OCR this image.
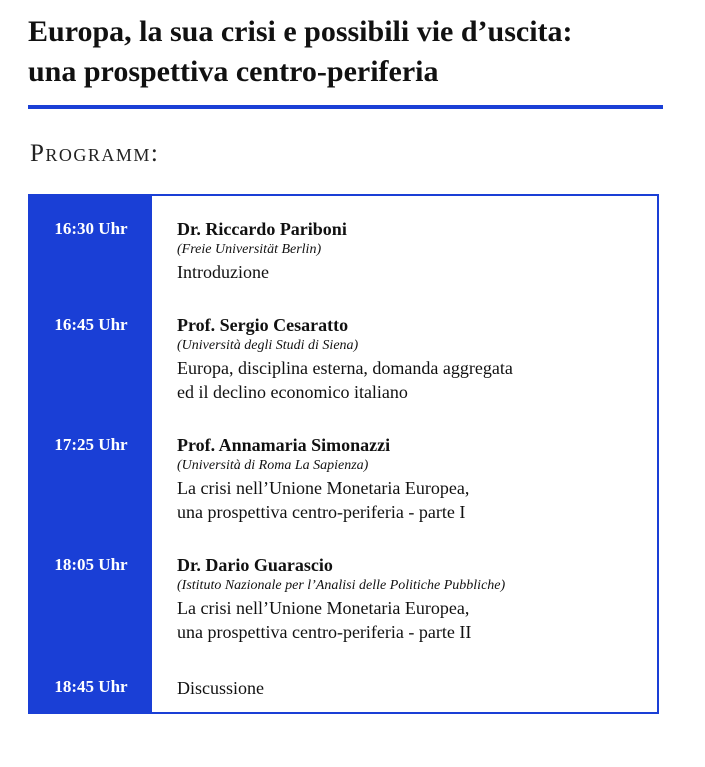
Europa, la sua crisi e possibili vie d’uscita:
una prospettiva centro-periferia
Programm:
16:30 Uhr	Dr. Riccardo Pariboni
(Freie Universität Berlin)
Introduzione
16:45 Uhr	Prof. Sergio Cesaratto
(Università degli Studi di Siena)
Europa, disciplina esterna, domanda aggregata
ed il declino economico italiano
17:25 Uhr	Prof. Annamaria Simonazzi
(Università di Roma La Sapienza)
La crisi nell’Unione Monetaria Europea,
una prospettiva centro-periferia - parte I
18:05 Uhr	Dr. Dario Guarascio
(Istituto Nazionale per l’Analisi delle Politiche Pubbliche)
La crisi nell’Unione Monetaria Europea,
una prospettiva centro-periferia - parte II
18:45 Uhr	Discussione
